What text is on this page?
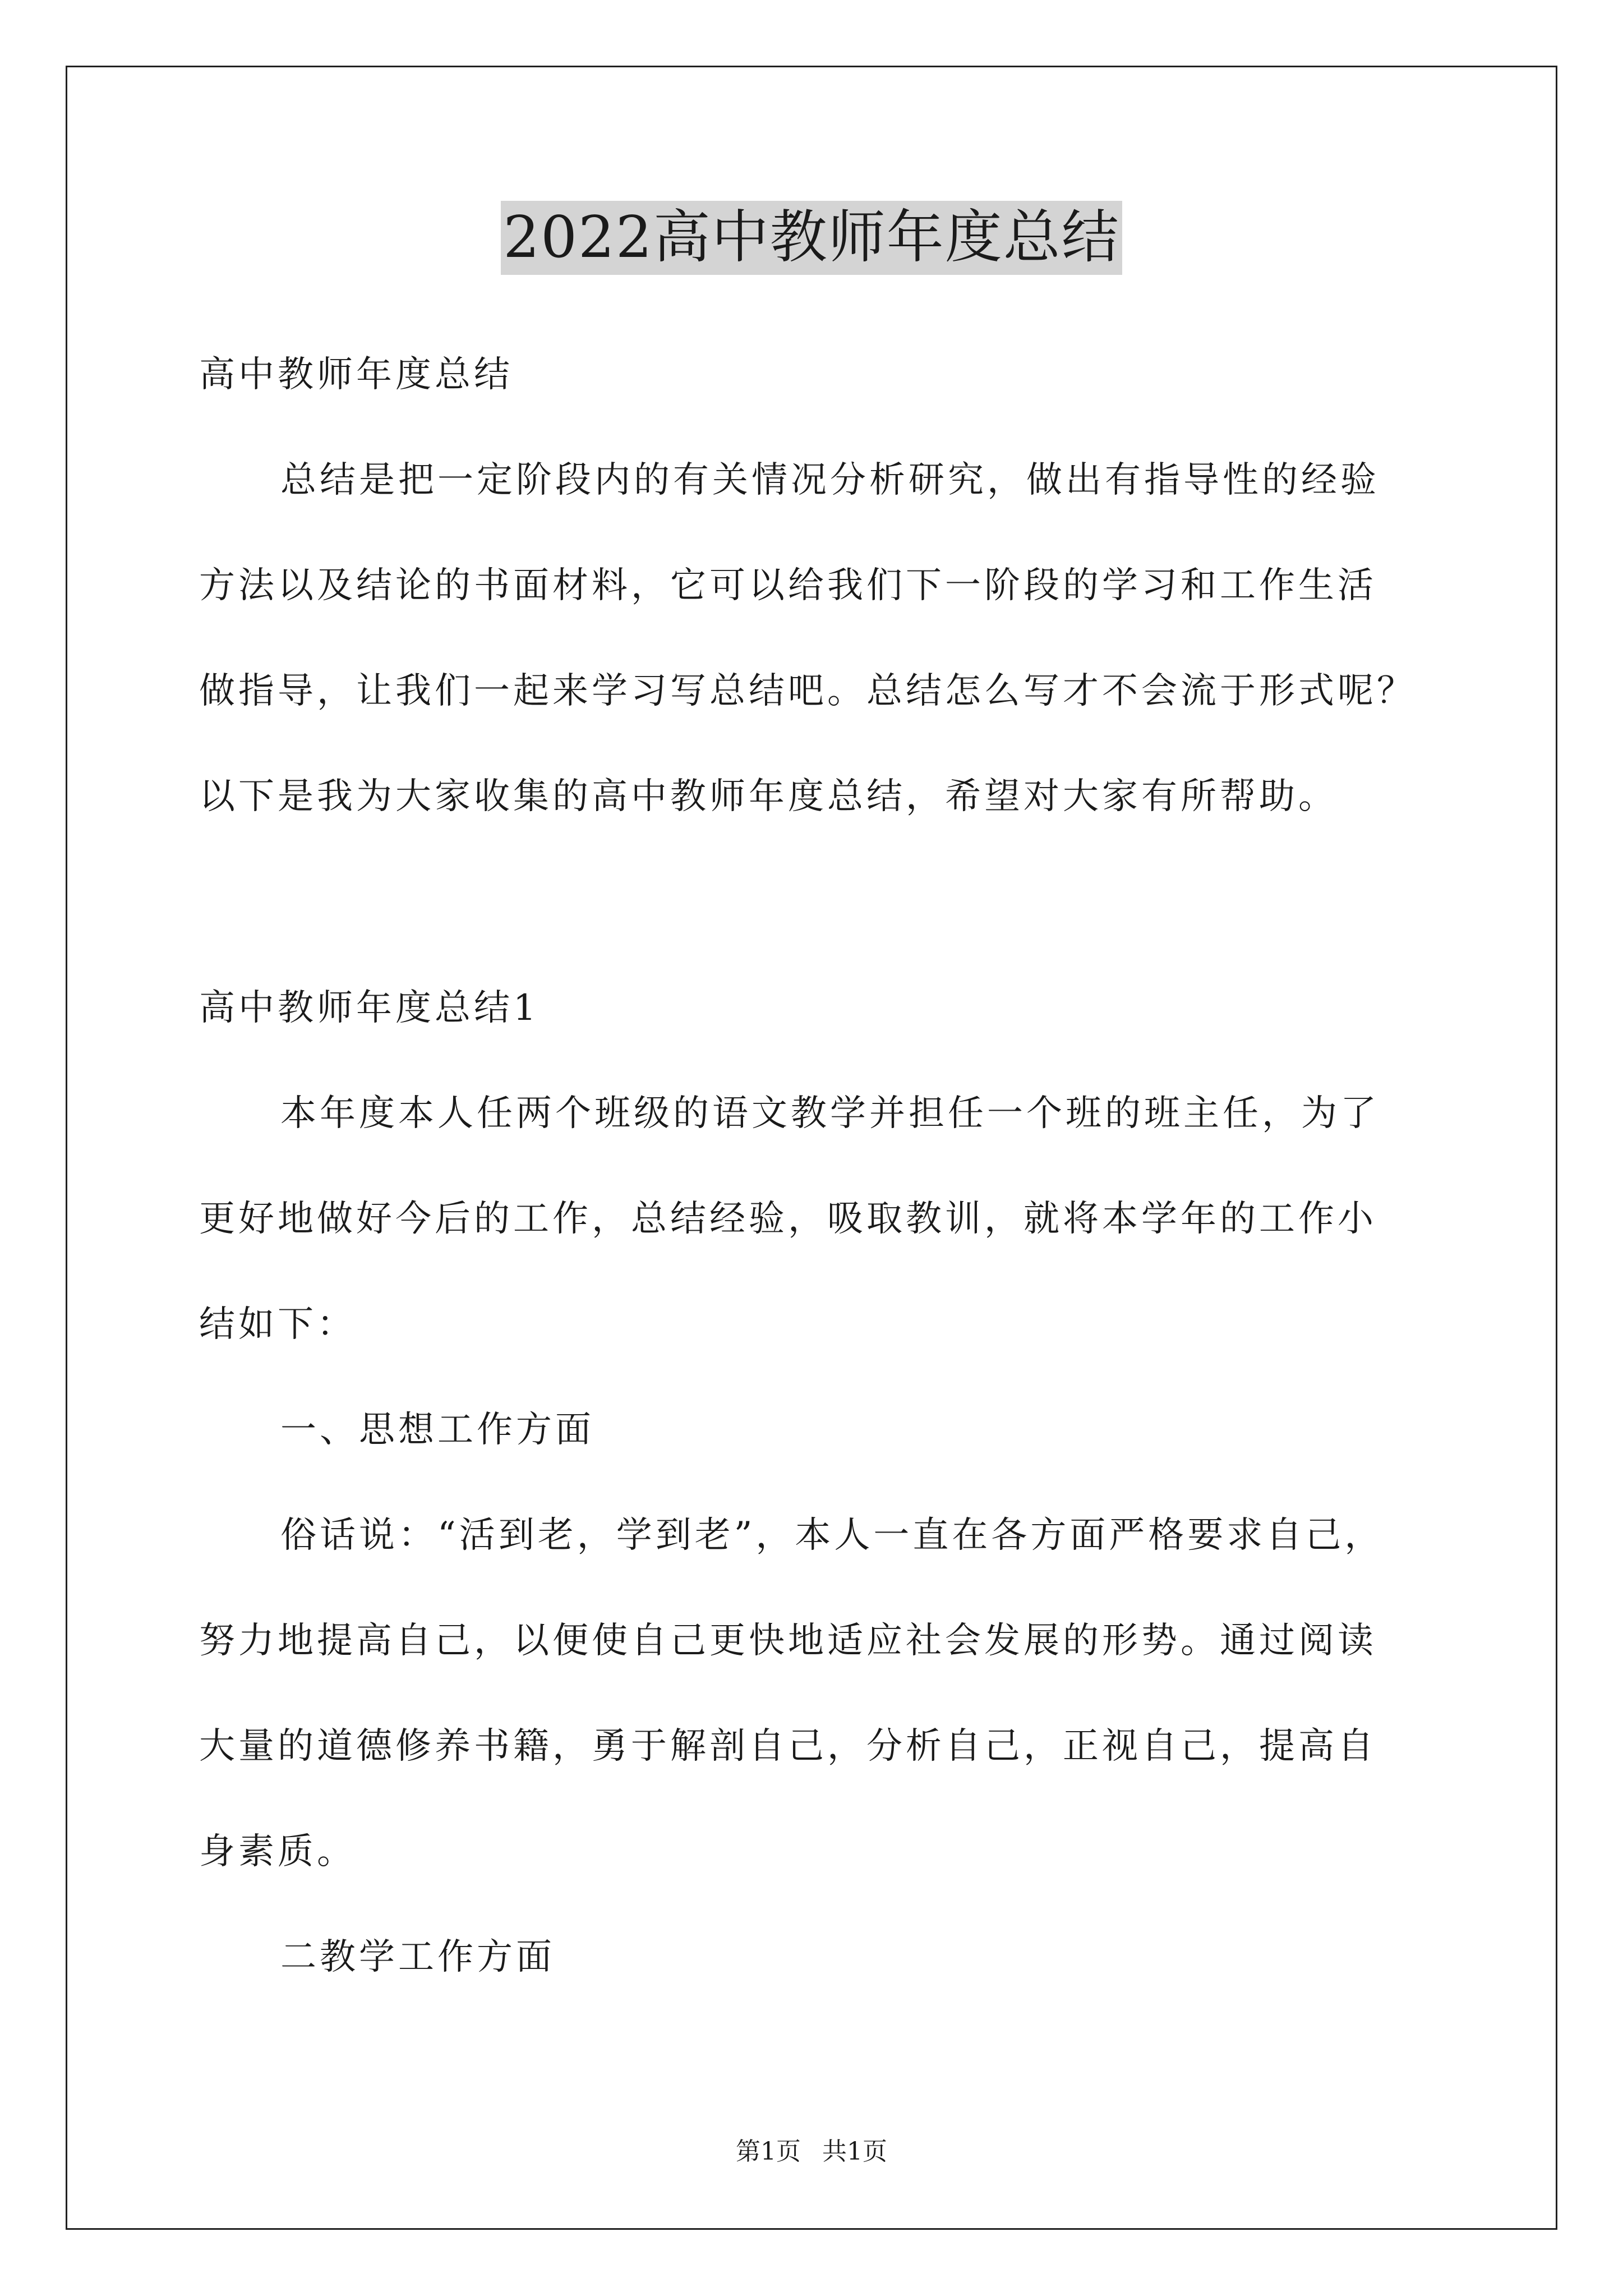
2022高中教师年度总结
高中教师年度总结
总结是把一定阶段内的有关情况分析研究，做出有指导性的经验
方法以及结论的书面材料，它可以给我们下一阶段的学习和工作生活
做指导，让我们一起来学习写总结吧。总结怎么写才不会流于形式呢？
以下是我为大家收集的高中教师年度总结，希望对大家有所帮助。
高中教师年度总结1
本年度本人任两个班级的语文教学并担任一个班的班主任，为了
更好地做好今后的工作，总结经验，吸取教训，就将本学年的工作小
结如下：
一、思想工作方面
俗话说：“活到老，学到老”，本人一直在各方面严格要求自己，
努力地提高自己，以便使自己更快地适应社会发展的形势。通过阅读
大量的道德修养书籍，勇于解剖自己，分析自己，正视自己，提高自
身素质。
二教学工作方面
第1页 共1页
